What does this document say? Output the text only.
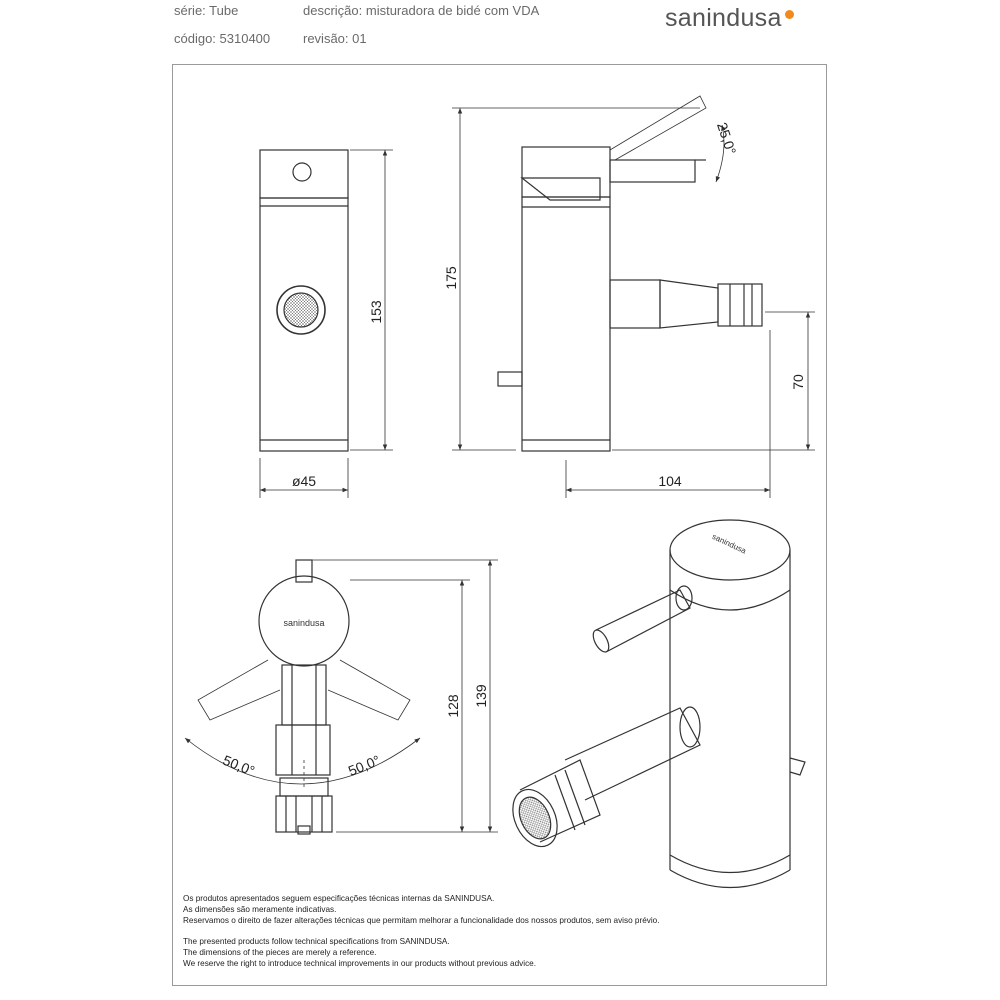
série: Tube	descrição: misturadora de bidé com VDA
código: 5310400	revisão: 01
sanindusa
153
ø45
175
25,0°
70
104
128 139
50,0°	50,0°
sanindusa
sanindusa
Os produtos apresentados seguem especificações técnicas internas da SANINDUSA.
As dimensões são meramente indicativas.
Reservamos o direito de fazer alterações técnicas que permitam melhorar a funcionalidade dos nossos produtos, sem aviso prévio.
The presented products follow technical specifications from SANINDUSA.
The dimensions of the pieces are merely a reference.
We reserve the right to introduce technical improvements in our products without previous advice.
